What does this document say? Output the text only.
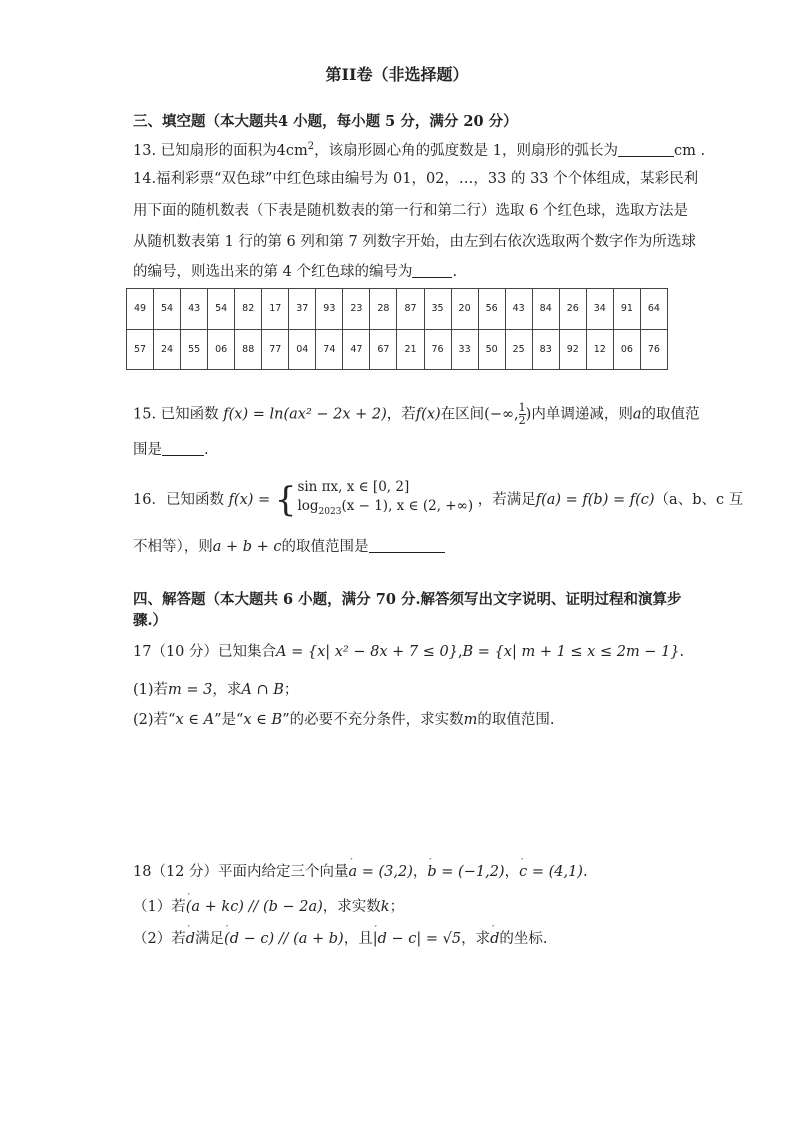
第II卷（非选择题）
三、填空题（本大题共4 小题，每小题 5 分，满分 20 分）
13. 已知扇形的面积为$4cm^2$，该扇形圆心角的弧度数是 1，则扇形的弧长为	cm .
14.福利彩票“双色球”中红色球由编号为 01，02，…，33 的 33 个个体组成，某彩民利
用下面的随机数表（下表是随机数表的第一行和第二行）选取 6 个红色球，选取方法是
从随机数表第 1 行的第 6 列和第 7 列数字开始，由左到右依次选取两个数字作为所选球
的编号，则选出来的第 4 个红色球的编号为	.
49	54	43	54	82	17	37	93	23	28	87	35	20	56	43	84	26	34	91	64
57	24	55	06	88	77	04	74	47	67	21	76	33	50	25	83	92	12	06	76
15. 已知函数 f(x) = ln(ax² − 2x + 2)，若f(x)在区间(−∞, $\frac{1}{2}$ )内单调递减，则a的取值范
围是	.
16．已知函数 f(x) = { sin πx, x ∈ [0, 2]
$\log_{2023}(x - 1)$, x ∈ (2, +∞) ，若满足f(a) = f(b) = f(c)（a、b、c 互
不相等），则a + b + c的取值范围是
四、解答题（本大题共 6 小题，满分 70 分.解答须写出文字说明、证明过程和演算步
骤.）
17（10 分）已知集合A = {x| x² − 8x + 7 ≤ 0},B = {x| m + 1 ≤ x ≤ 2m − 1}.
(1)若m = 3，求A ∩ B；
(2)若“x ∈ A”是“x ∈ B”的必要不充分条件，求实数m的取值范围.
18（12 分）平面内给定三个向量′ a = (3,2)，′ b = (−1,2)，′ c = (4,1).
（1）若′ (a + kc) // (b − 2a)，求实数k；
（2）若′ d满足′ (d − c) // (a + b)，且′ |d − c| = √5，求′ d的坐标.
